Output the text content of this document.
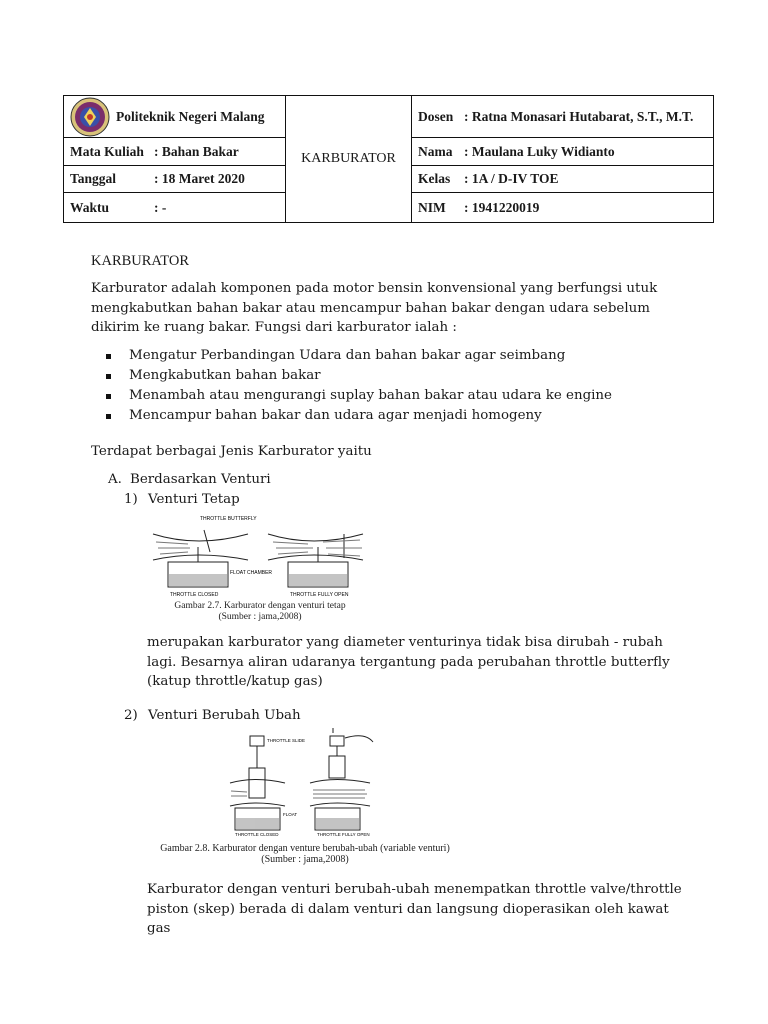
Politeknik Negeri Malang	KARBURATOR	Dosen : Ratna Monasari Hutabarat, S.T., M.T.
Mata Kuliah : Bahan Bakar		Nama : Maulana Luky Widianto
Tanggal : 18 Maret 2020		Kelas : 1A / D-IV TOE
Waktu : -		NIM : 1941220019
KARBURATOR
Karburator adalah komponen pada motor bensin konvensional yang berfungsi utuk mengkabutkan bahan bakar atau mencampur bahan bakar dengan udara sebelum dikirim ke ruang bakar. Fungsi dari karburator ialah :
Mengatur Perbandingan Udara dan bahan bakar agar seimbang
Mengkabutkan bahan bakar
Menambah atau mengurangi suplay bahan bakar atau udara ke engine
Mencampur bahan bakar dan udara agar menjadi homogeny
Terdapat berbagai Jenis Karburator yaitu
A. Berdasarkan Venturi
1) Venturi Tetap
THROTTLE BUTTERFLY
FLOAT CHAMBER
THROTTLE CLOSED	THROTTLE FULLY OPEN
Gambar 2.7. Karburator dengan venturi tetap
(Sumber : jama,2008)
merupakan karburator yang diameter venturinya tidak bisa dirubah - rubah lagi. Besarnya aliran udaranya tergantung pada perubahan throttle butterfly (katup throttle/katup gas)
2) Venturi Berubah Ubah
THROTTLE SLIDE
FLOAT
THROTTLE CLOSED	THROTTLE FULLY OPEN
Gambar 2.8. Karburator dengan venture berubah-ubah (variable venturi)
(Sumber : jama,2008)
Karburator dengan venturi berubah-ubah menempatkan throttle valve/throttle piston (skep) berada di dalam venturi dan langsung dioperasikan oleh kawat gas
